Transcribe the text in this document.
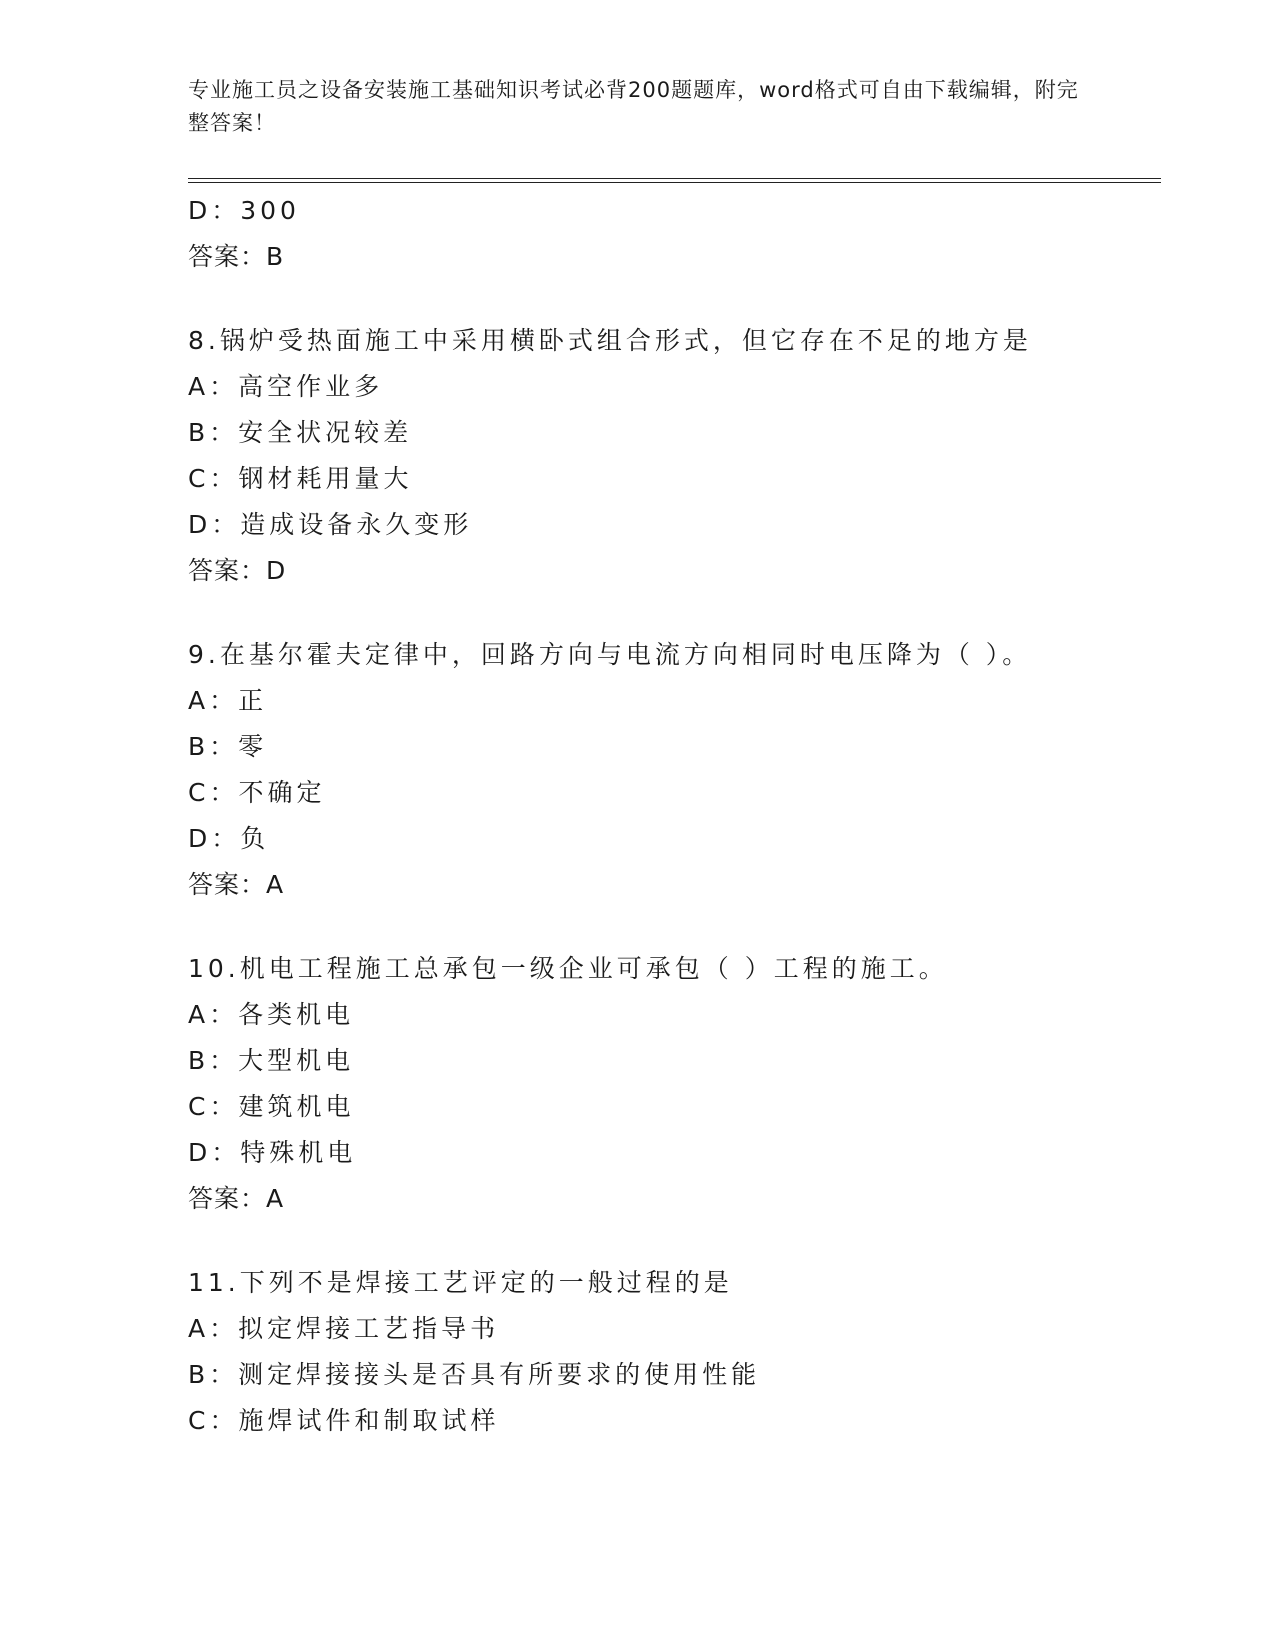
专业施工员之设备安装施工基础知识考试必背200题题库，word格式可自由下载编辑，附完整答案！
D：300
答案：B
8.锅炉受热面施工中采用横卧式组合形式，但它存在不足的地方是
A：高空作业多
B：安全状况较差
C：钢材耗用量大
D：造成设备永久变形
答案：D
9.在基尔霍夫定律中，回路方向与电流方向相同时电压降为（ ）。
A：正
B：零
C：不确定
D：负
答案：A
10.机电工程施工总承包一级企业可承包（ ）工程的施工。
A：各类机电
B：大型机电
C：建筑机电
D：特殊机电
答案：A
11.下列不是焊接工艺评定的一般过程的是
A：拟定焊接工艺指导书
B：测定焊接接头是否具有所要求的使用性能
C：施焊试件和制取试样
